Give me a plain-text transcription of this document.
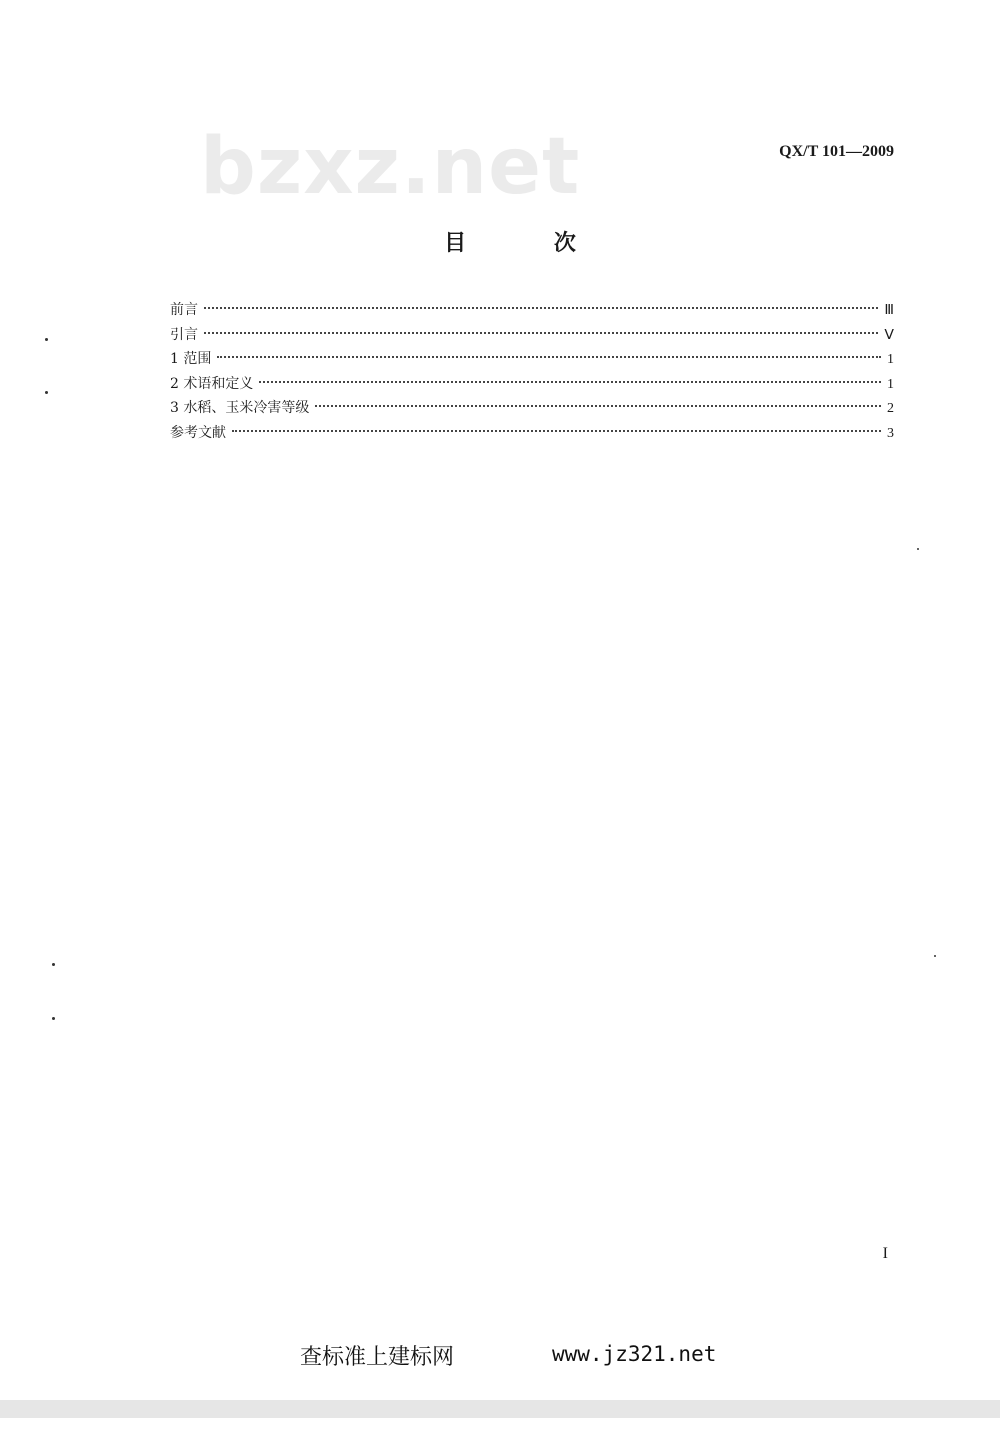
bzxz.net	QX/T 101—2009
目 次
前言	Ⅲ
引言	Ⅴ
1 范围	1
2 术语和定义	1
3 水稻、玉米冷害等级	2
参考文献	3
I
查标准上建标网	www.jz321.net
